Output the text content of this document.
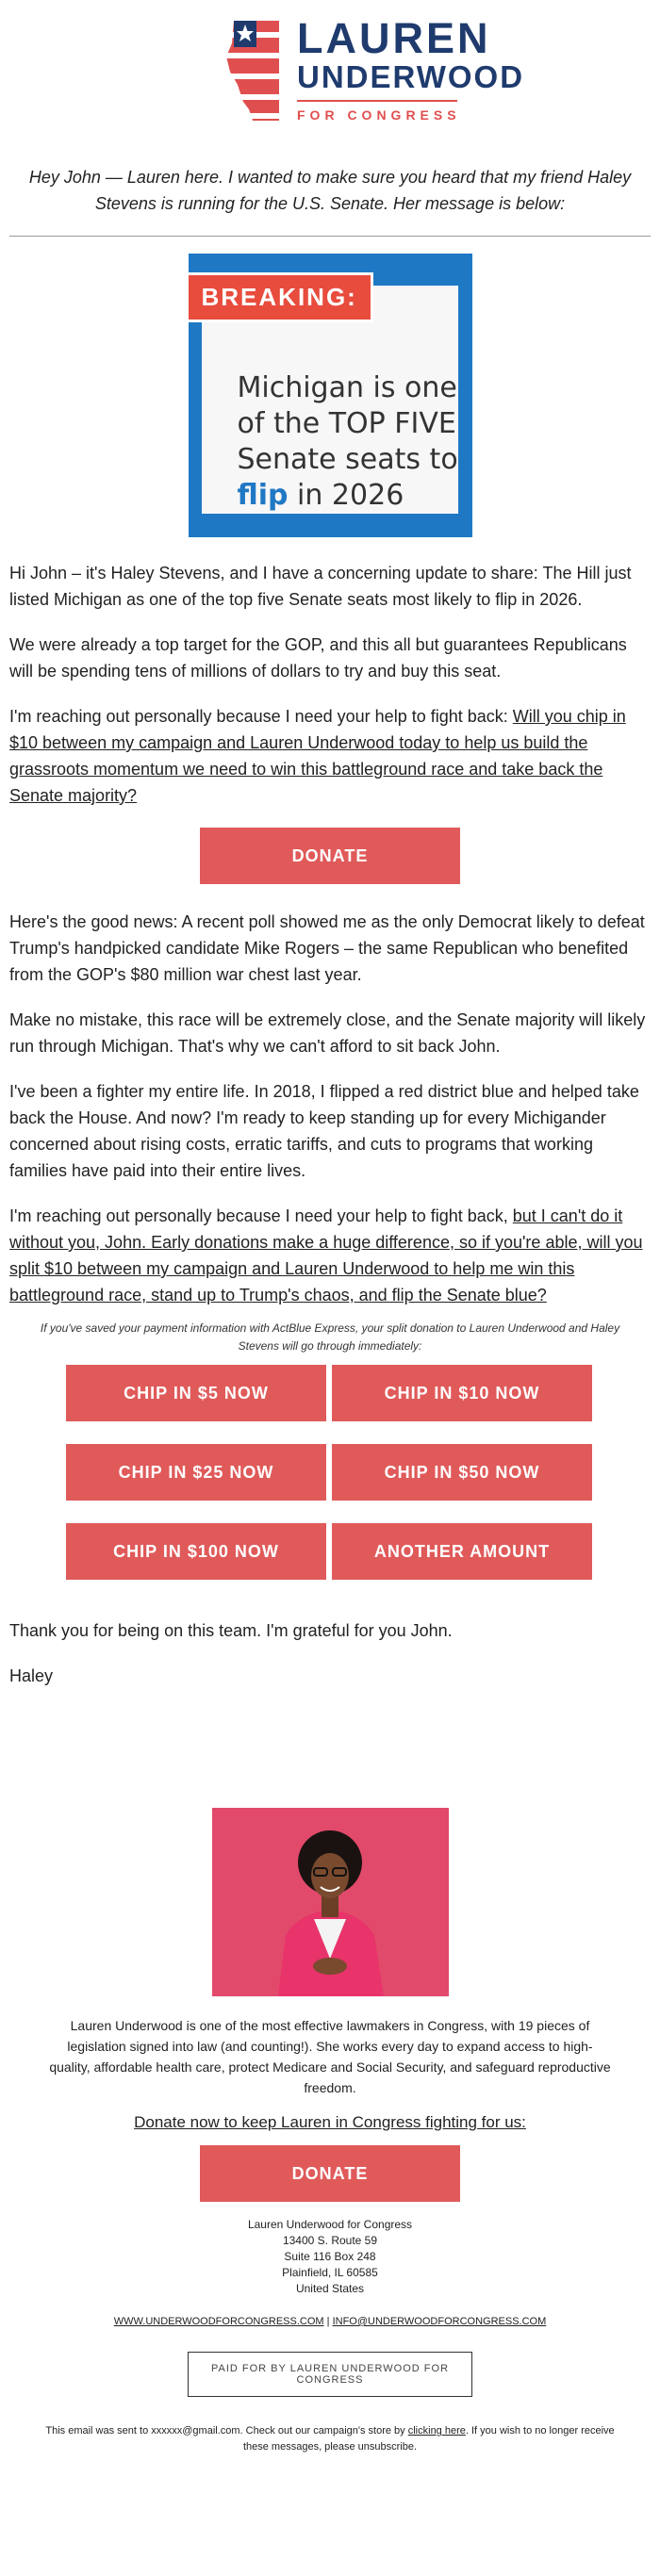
LAUREN
UNDERWOOD
FOR CONGRESS
Hey John — Lauren here. I wanted to make sure you heard that my friend Haley Stevens is running for the U.S. Senate. Her message is below:
Michigan is one of the TOP FIVE Senate seats to flip in 2026
BREAKING:

Hi John – it's Haley Stevens, and I have a concerning update to share: The Hill just listed Michigan as one of the top five Senate seats most likely to flip in 2026.

We were already a top target for the GOP, and this all but guarantees Republicans will be spending tens of millions of dollars to try and buy this seat.

I'm reaching out personally because I need your help to fight back: Will you chip in $10 between my campaign and Lauren Underwood today to help us build the grassroots momentum we need to win this battleground race and take back the Senate majority?

DONATE

Here's the good news: A recent poll showed me as the only Democrat likely to defeat Trump's handpicked candidate Mike Rogers – the same Republican who benefited from the GOP's $80 million war chest last year.

Make no mistake, this race will be extremely close, and the Senate majority will likely run through Michigan. That's why we can't afford to sit back John.

I've been a fighter my entire life. In 2018, I flipped a red district blue and helped take back the House. And now? I'm ready to keep standing up for every Michigander concerned about rising costs, erratic tariffs, and cuts to programs that working families have paid into their entire lives.

I'm reaching out personally because I need your help to fight back, but I can't do it without you, John. Early donations make a huge difference, so if you're able, will you split $10 between my campaign and Lauren Underwood to help me win this battleground race, stand up to Trump's chaos, and flip the Senate blue?

If you've saved your payment information with ActBlue Express, your split donation to Lauren Underwood and Haley Stevens will go through immediately:
CHIP IN $5 NOW	CHIP IN $10 NOW
CHIP IN $25 NOW	CHIP IN $50 NOW
CHIP IN $100 NOW	ANOTHER AMOUNT

Thank you for being on this team. I'm grateful for you John.

Haley

Lauren Underwood is one of the most effective lawmakers in Congress, with 19 pieces of legislation signed into law (and counting!). She works every day to expand access to high-quality, affordable health care, protect Medicare and Social Security, and safeguard reproductive freedom.
Donate now to keep Lauren in Congress fighting for us:
DONATE
Lauren Underwood for Congress
13400 S. Route 59
Suite 116 Box 248
Plainfield, IL 60585
United States
WWW.UNDERWOODFORCONGRESS.COM | INFO@UNDERWOODFORCONGRESS.COM
PAID FOR BY LAUREN UNDERWOOD FOR CONGRESS
This email was sent to xxxxxx@gmail.com. Check out our campaign's store by clicking here. If you wish to no longer receive these messages, please unsubscribe.
